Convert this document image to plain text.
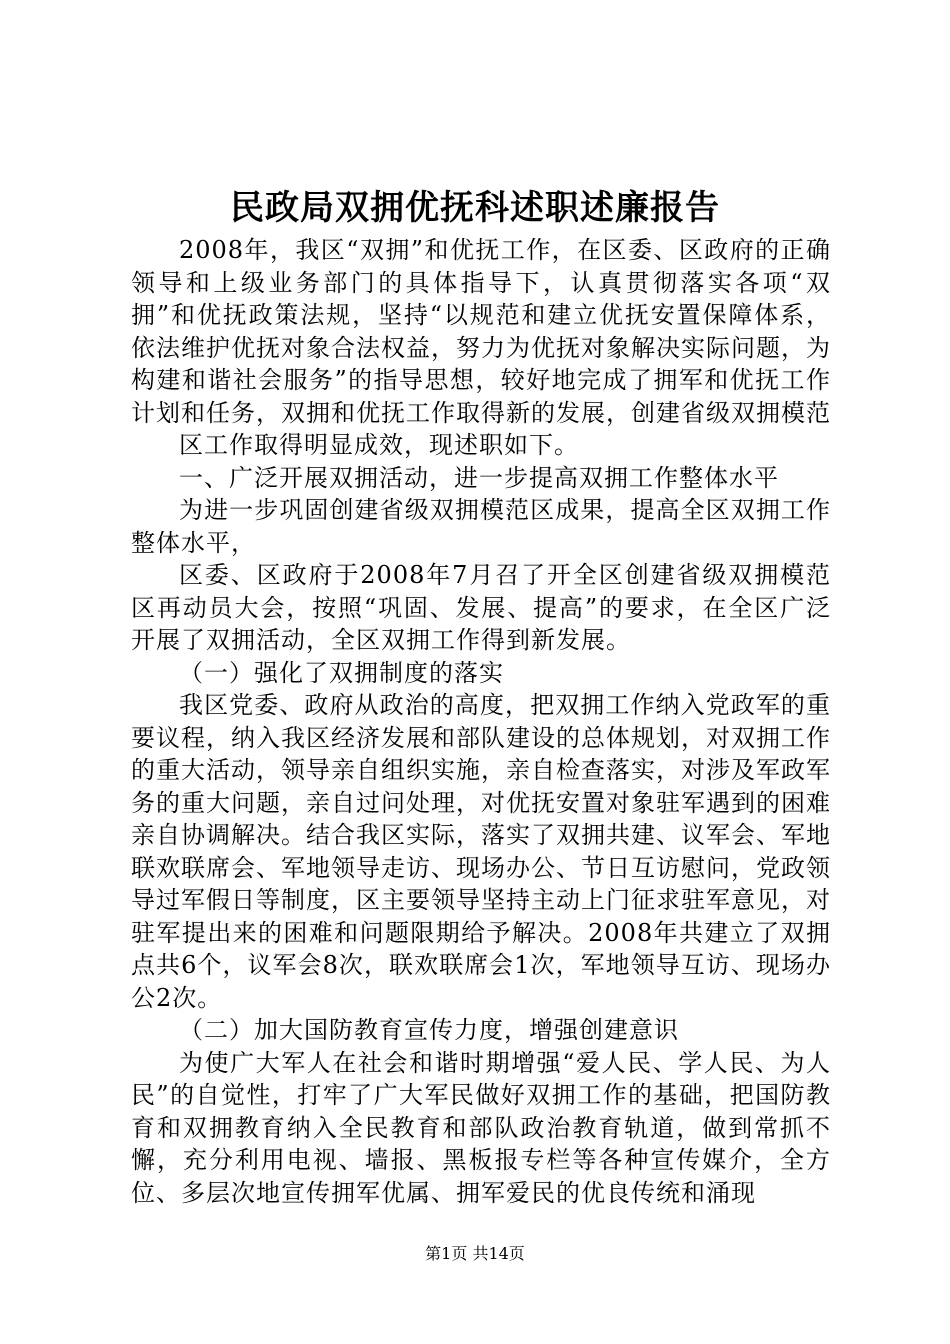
民政局双拥优抚科述职述廉报告

2008年，我区“双拥”和优抚工作，在区委、区政府的正确领导和上级业务部门的具体指导下，认真贯彻落实各项“双拥”和优抚政策法规，坚持“以规范和建立优抚安置保障体系，依法维护优抚对象合法权益，努力为优抚对象解决实际问题，为构建和谐社会服务”的指导思想，较好地完成了拥军和优抚工作计划和任务，双拥和优抚工作取得新的发展，创建省级双拥模范

区工作取得明显成效，现述职如下。

一、广泛开展双拥活动，进一步提高双拥工作整体水平

为进一步巩固创建省级双拥模范区成果，提高全区双拥工作整体水平，

区委、区政府于2008年7月召了开全区创建省级双拥模范区再动员大会，按照“巩固、发展、提高”的要求，在全区广泛开展了双拥活动，全区双拥工作得到新发展。

（一）强化了双拥制度的落实

我区党委、政府从政治的高度，把双拥工作纳入党政军的重要议程，纳入我区经济发展和部队建设的总体规划，对双拥工作的重大活动，领导亲自组织实施，亲自检查落实，对涉及军政军务的重大问题，亲自过问处理，对优抚安置对象驻军遇到的困难亲自协调解决。结合我区实际，落实了双拥共建、议军会、军地联欢联席会、军地领导走访、现场办公、节日互访慰问，党政领导过军假日等制度，区主要领导坚持主动上门征求驻军意见，对驻军提出来的困难和问题限期给予解决。2008年共建立了双拥点共6个，议军会8次，联欢联席会1次，军地领导互访、现场办公2次。

（二）加大国防教育宣传力度，增强创建意识

为使广大军人在社会和谐时期增强“爱人民、学人民、为人民”的自觉性，打牢了广大军民做好双拥工作的基础，把国防教育和双拥教育纳入全民教育和部队政治教育轨道，做到常抓不懈，充分利用电视、墙报、黑板报专栏等各种宣传媒介，全方位、多层次地宣传拥军优属、拥军爱民的优良传统和涌现

第1页 共14页
